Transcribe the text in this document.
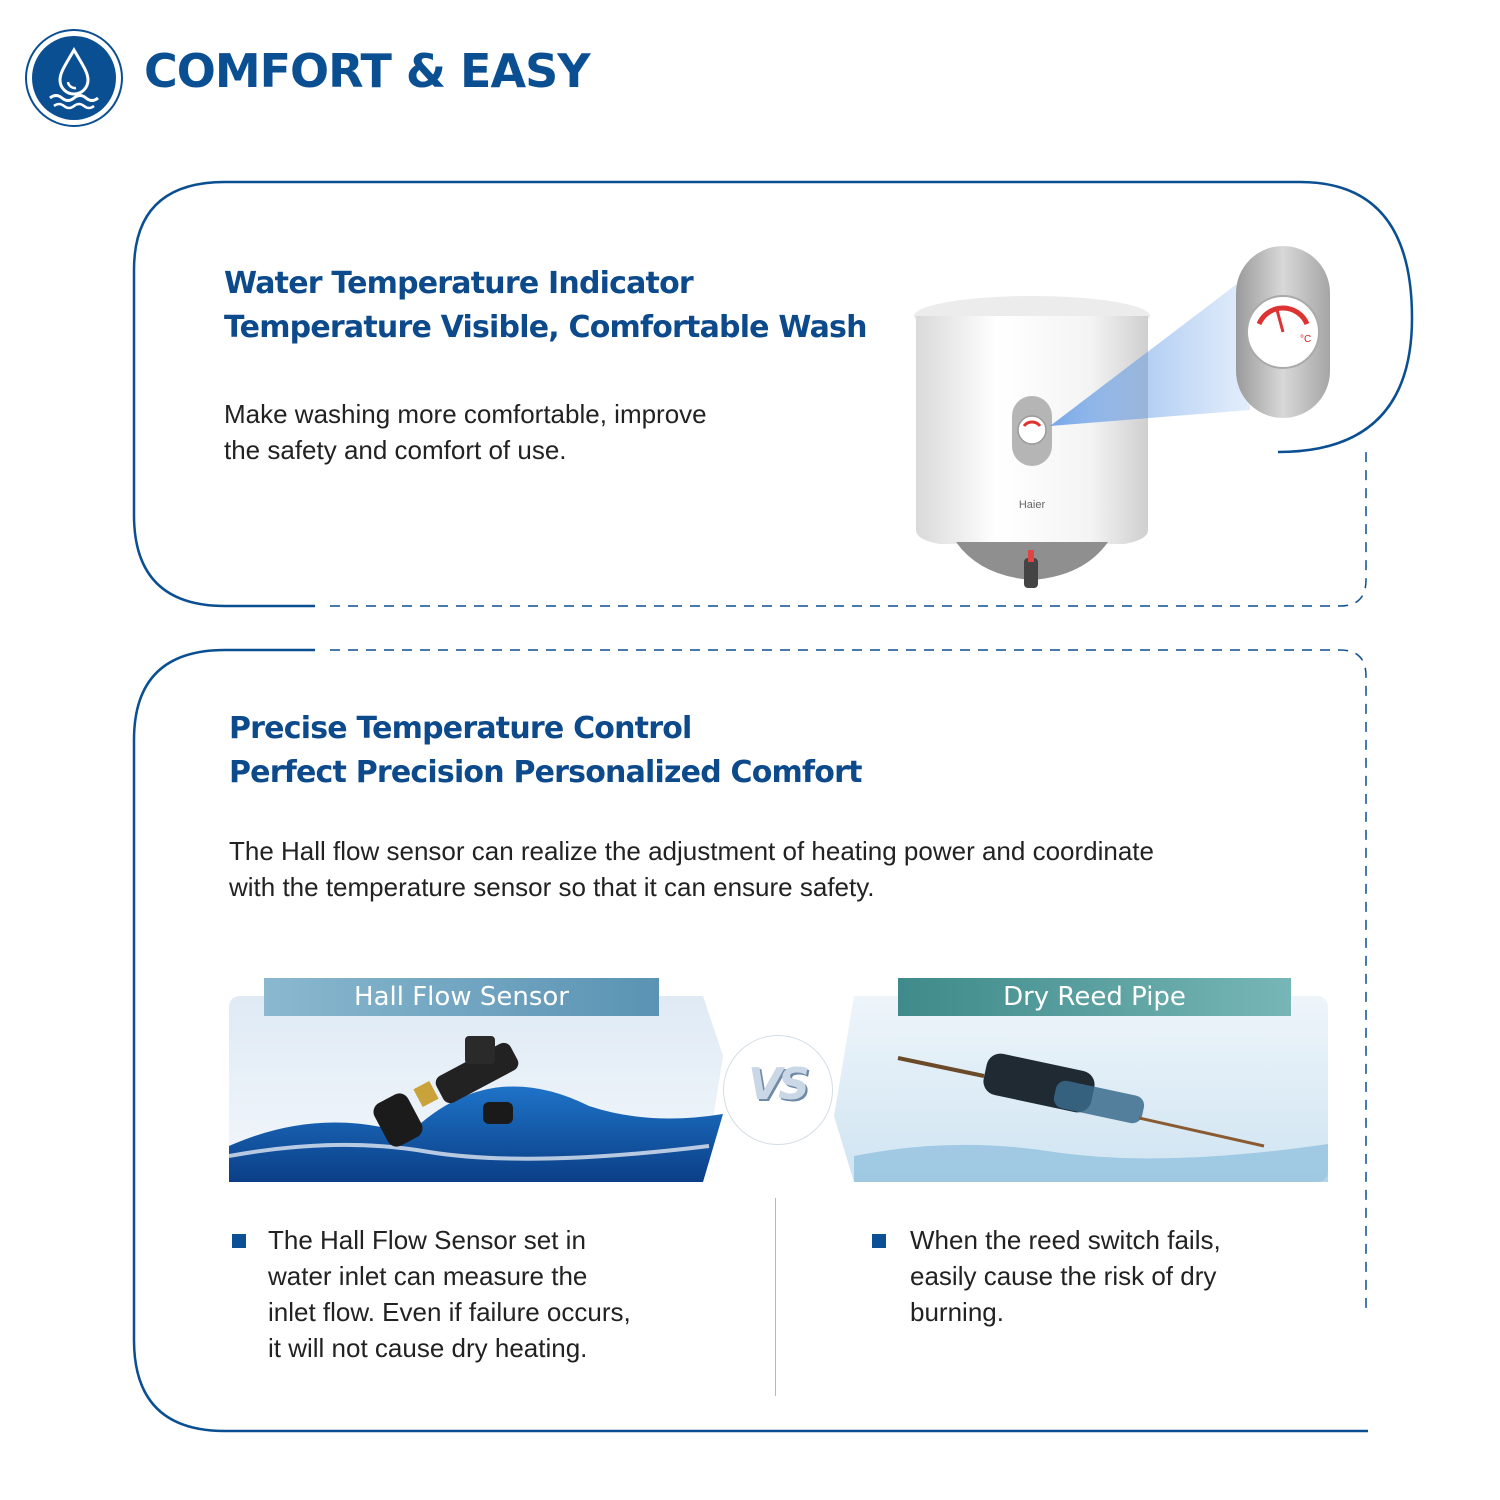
COMFORT & EASY
Water Temperature Indicator
Temperature Visible, Comfortable Wash
Make washing more comfortable, improve
the safety and comfort of use.
Haier
°C
Precise Temperature Control
Perfect Precision Personalized Comfort
The Hall flow sensor can realize the adjustment of heating power and coordinate
with the temperature sensor so that it can ensure safety.
Hall Flow Sensor
VS
Dry Reed Pipe
The Hall Flow Sensor set in
water inlet can measure the
inlet flow. Even if failure occurs,
it will not cause dry heating.
When the reed switch fails,
easily cause the risk of dry
burning.
